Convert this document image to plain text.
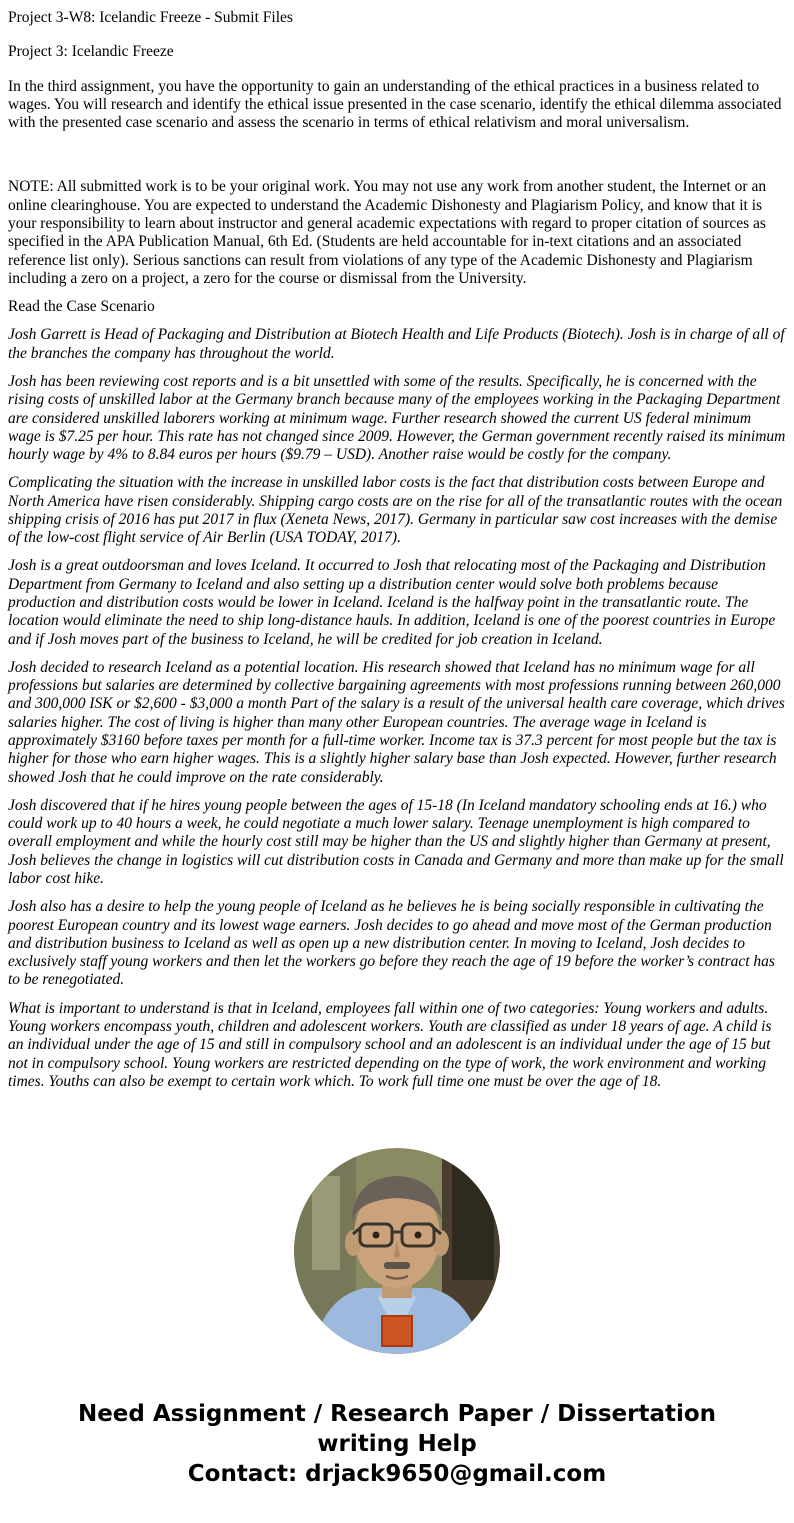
Project 3-W8: Icelandic Freeze - Submit Files

Project 3: Icelandic Freeze

In the third assignment, you have the opportunity to gain an understanding of the ethical practices in a business related to wages. You will research and identify the ethical issue presented in the case scenario, identify the ethical dilemma associated with the presented case scenario and assess the scenario in terms of ethical relativism and moral universalism.

NOTE: All submitted work is to be your original work. You may not use any work from another student, the Internet or an online clearinghouse. You are expected to understand the Academic Dishonesty and Plagiarism Policy, and know that it is your responsibility to learn about instructor and general academic expectations with regard to proper citation of sources as specified in the APA Publication Manual, 6th Ed. (Students are held accountable for in-text citations and an associated reference list only). Serious sanctions can result from violations of any type of the Academic Dishonesty and Plagiarism including a zero on a project, a zero for the course or dismissal from the University.

Read the Case Scenario

Josh Garrett is Head of Packaging and Distribution at Biotech Health and Life Products (Biotech). Josh is in charge of all of the branches the company has throughout the world.

Josh has been reviewing cost reports and is a bit unsettled with some of the results. Specifically, he is concerned with the rising costs of unskilled labor at the Germany branch because many of the employees working in the Packaging Department are considered unskilled laborers working at minimum wage. Further research showed the current US federal minimum wage is $7.25 per hour. This rate has not changed since 2009. However, the German government recently raised its minimum hourly wage by 4% to 8.84 euros per hours ($9.79 – USD). Another raise would be costly for the company.

Complicating the situation with the increase in unskilled labor costs is the fact that distribution costs between Europe and North America have risen considerably. Shipping cargo costs are on the rise for all of the transatlantic routes with the ocean shipping crisis of 2016 has put 2017 in flux (Xeneta News, 2017). Germany in particular saw cost increases with the demise of the low-cost flight service of Air Berlin (USA TODAY, 2017).

Josh is a great outdoorsman and loves Iceland. It occurred to Josh that relocating most of the Packaging and Distribution Department from Germany to Iceland and also setting up a distribution center would solve both problems because production and distribution costs would be lower in Iceland. Iceland is the halfway point in the transatlantic route. The location would eliminate the need to ship long-distance hauls. In addition, Iceland is one of the poorest countries in Europe and if Josh moves part of the business to Iceland, he will be credited for job creation in Iceland.

Josh decided to research Iceland as a potential location. His research showed that Iceland has no minimum wage for all professions but salaries are determined by collective bargaining agreements with most professions running between 260,000 and 300,000 ISK or $2,600 - $3,000 a month Part of the salary is a result of the universal health care coverage, which drives salaries higher. The cost of living is higher than many other European countries. The average wage in Iceland is approximately $3160 before taxes per month for a full-time worker. Income tax is 37.3 percent for most people but the tax is higher for those who earn higher wages. This is a slightly higher salary base than Josh expected. However, further research showed Josh that he could improve on the rate considerably.

Josh discovered that if he hires young people between the ages of 15-18 (In Iceland mandatory schooling ends at 16.) who could work up to 40 hours a week, he could negotiate a much lower salary. Teenage unemployment is high compared to overall employment and while the hourly cost still may be higher than the US and slightly higher than Germany at present, Josh believes the change in logistics will cut distribution costs in Canada and Germany and more than make up for the small labor cost hike.

Josh also has a desire to help the young people of Iceland as he believes he is being socially responsible in cultivating the poorest European country and its lowest wage earners. Josh decides to go ahead and move most of the German production and distribution business to Iceland as well as open up a new distribution center. In moving to Iceland, Josh decides to exclusively staff young workers and then let the workers go before they reach the age of 19 before the worker’s contract has to be renegotiated.

What is important to understand is that in Iceland, employees fall within one of two categories: Young workers and adults. Young workers encompass youth, children and adolescent workers. Youth are classified as under 18 years of age. A child is an individual under the age of 15 and still in compulsory school and an adolescent is an individual under the age of 15 but not in compulsory school. Young workers are restricted depending on the type of work, the work environment and working times. Youths can also be exempt to certain work which. To work full time one must be over the age of 18.

Need Assignment / Research Paper / Dissertation writing Help
Contact: drjack9650@gmail.com
